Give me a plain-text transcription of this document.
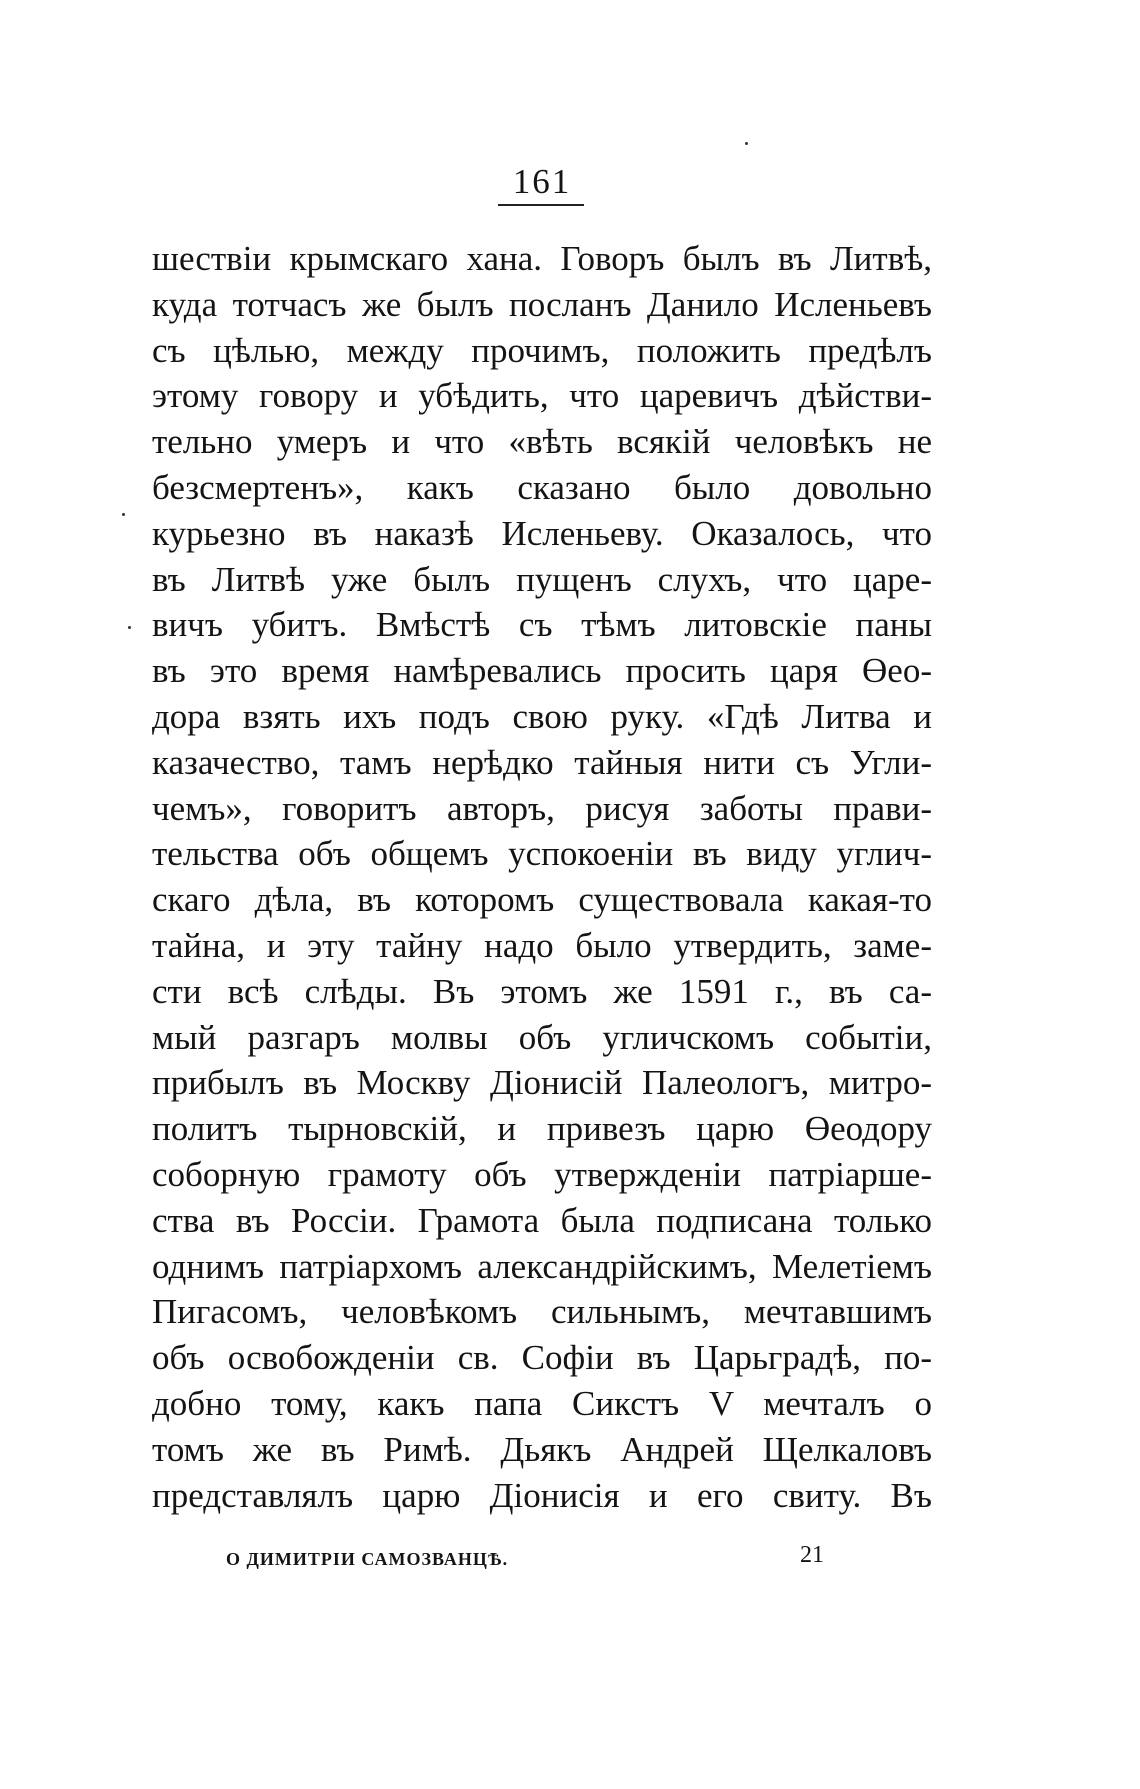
161
шествіи крымскаго хана. Говоръ былъ въ Литвѣ,
куда тотчасъ же былъ посланъ Данило Исленьевъ
съ цѣлью, между прочимъ, положить предѣлъ
этому говору и убѣдить, что царевичъ дѣйстви-
тельно умеръ и что «вѣть всякій человѣкъ не
безсмертенъ», какъ сказано было довольно
курьезно въ наказѣ Исленьеву. Оказалось, что
въ Литвѣ уже былъ пущенъ слухъ, что царе-
вичъ убитъ. Вмѣстѣ съ тѣмъ литовскіе паны
въ это время намѣревались просить царя Өео-
дора взять ихъ подъ свою руку. «Гдѣ Литва и
казачество, тамъ нерѣдко тайныя нити съ Угли-
чемъ», говоритъ авторъ, рисуя заботы прави-
тельства объ общемъ успокоеніи въ виду углич-
скаго дѣла, въ которомъ существовала какая-то
тайна, и эту тайну надо было утвердить, заме-
сти всѣ слѣды. Въ этомъ же 1591 г., въ са-
мый разгаръ молвы объ угличскомъ событіи,
прибылъ въ Москву Діонисій Палеологъ, митро-
политъ тырновскій, и привезъ царю Өеодору
соборную грамоту объ утвержденіи патріарше-
ства въ Россіи. Грамота была подписана только
однимъ патріархомъ александрійскимъ, Мелетіемъ
Пигасомъ, человѣкомъ сильнымъ, мечтавшимъ
объ освобожденіи св. Софіи въ Царьградѣ, по-
добно тому, какъ папа Сикстъ V мечталъ о
томъ же въ Римѣ. Дьякъ Андрей Щелкаловъ
представлялъ царю Діонисія и его свиту. Въ
О ДИМИТРІИ САМОЗВАНЦѢ.	21
